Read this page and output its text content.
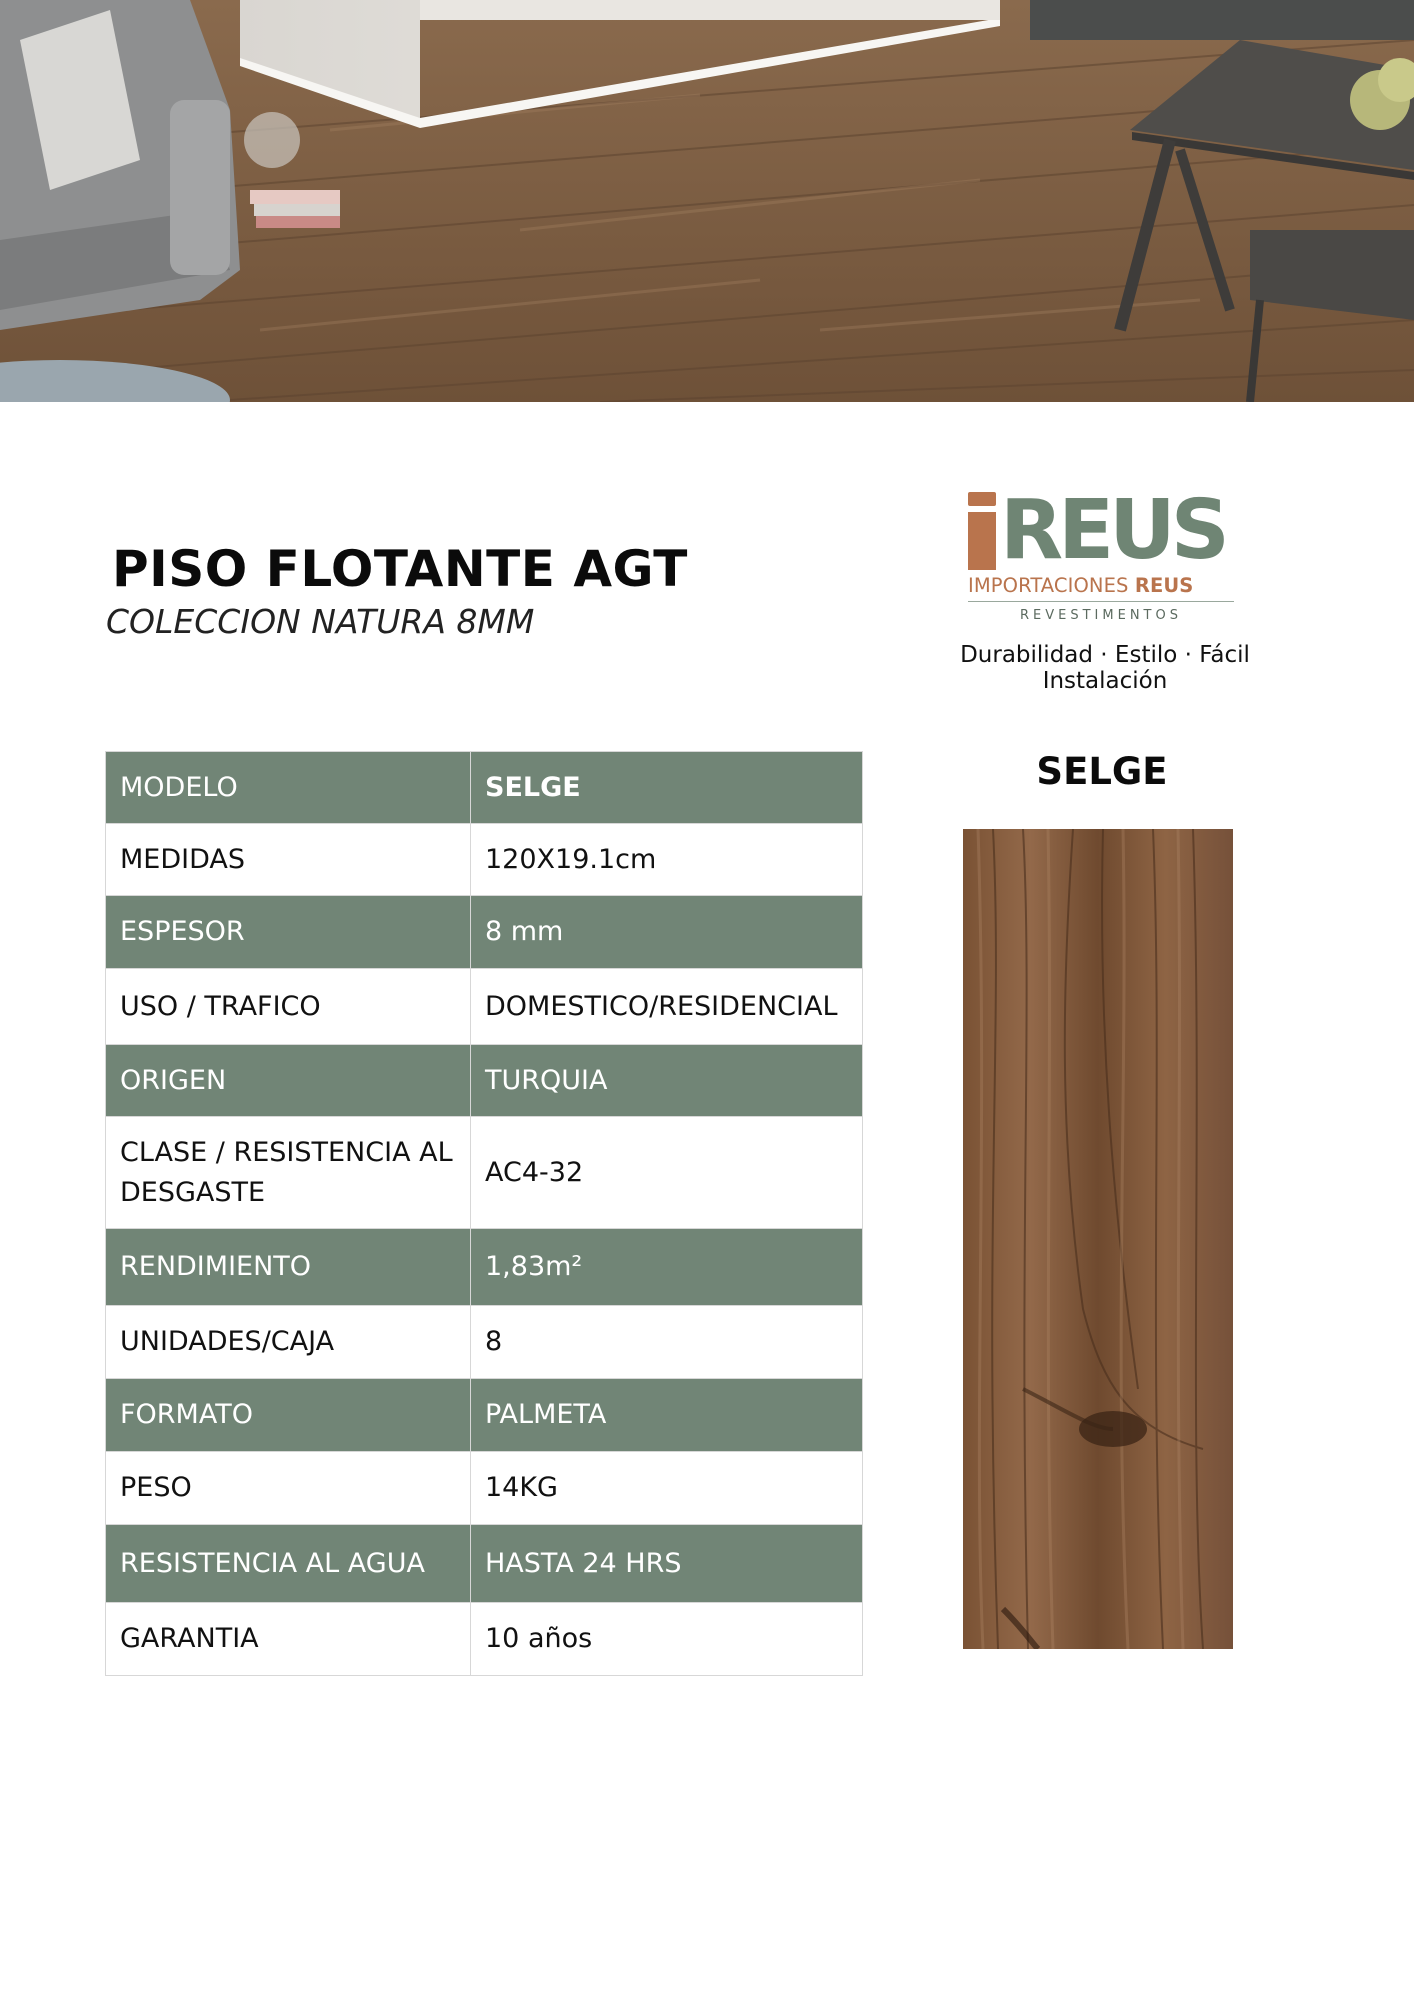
PISO FLOTANTE AGT

COLECCION NATURA 8MM

REUS
IMPORTACIONES REUS
REVESTIMENTOS
Durabilidad · Estilo · Fácil Instalación
MODELO	SELGE
MEDIDAS	120X19.1cm
ESPESOR	8 mm
USO / TRAFICO	DOMESTICO/RESIDENCIAL
ORIGEN	TURQUIA
CLASE / RESISTENCIA AL DESGASTE	AC4-32
RENDIMIENTO	1,83m²
UNIDADES/CAJA	8
FORMATO	PALMETA
PESO	14KG
RESISTENCIA AL AGUA	HASTA 24 HRS
GARANTIA	10 años
SELGE
